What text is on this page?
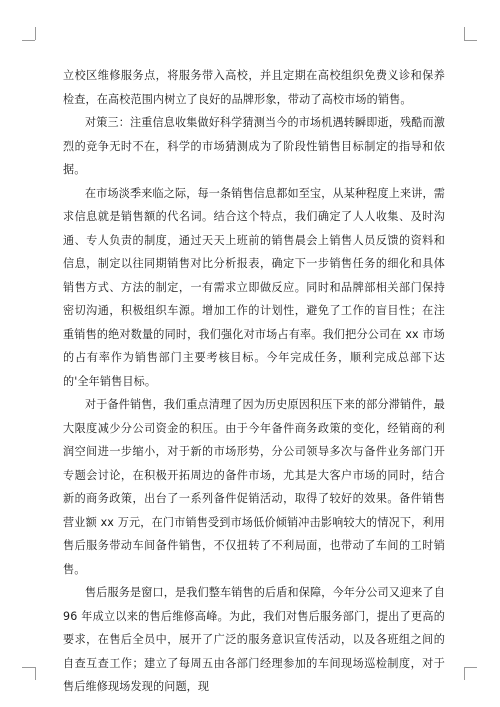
立校区维修服务点，将服务带入高校，并且定期在高校组织免费义诊和保养检查，在高校范围内树立了良好的品牌形象，带动了高校市场的销售。

对策三：注重信息收集做好科学猜测当今的市场机遇转瞬即逝，残酷而激烈的竞争无时不在，科学的市场猜测成为了阶段性销售目标制定的指导和依据。

在市场淡季来临之际，每一条销售信息都如至宝，从某种程度上来讲，需求信息就是销售额的代名词。结合这个特点，我们确定了人人收集、及时沟通、专人负责的制度，通过天天上班前的销售晨会上销售人员反馈的资料和信息，制定以往同期销售对比分析报表，确定下一步销售任务的细化和具体销售方式、方法的制定，一有需求立即做反应。同时和品牌部相关部门保持密切沟通，积极组织车源。增加工作的计划性，避免了工作的盲目性；在注重销售的绝对数量的同时，我们强化对市场占有率。我们把分公司在 xx 市场的占有率作为销售部门主要考核目标。今年完成任务，顺利完成总部下达的'全年销售目标。

对于备件销售，我们重点清理了因为历史原因积压下来的部分滞销件，最大限度减少分公司资金的积压。由于今年备件商务政策的变化，经销商的利润空间进一步缩小，对于新的市场形势，分公司领导多次与备件业务部门开专题会讨论，在积极开拓周边的备件市场，尤其是大客户市场的同时，结合新的商务政策，出台了一系列备件促销活动，取得了较好的效果。备件销售营业额 xx 万元，在门市销售受到市场低价倾销冲击影响较大的情况下，利用售后服务带动车间备件销售，不仅扭转了不利局面，也带动了车间的工时销售。

售后服务是窗口，是我们整车销售的后盾和保障，今年分公司又迎来了自 96 年成立以来的售后维修高峰。为此，我们对售后服务部门，提出了更高的要求，在售后全员中，展开了广泛的服务意识宣传活动，以及各班组之间的自查互查工作；建立了每周五由各部门经理参加的车间现场巡检制度，对于售后维修现场发现的问题，现
